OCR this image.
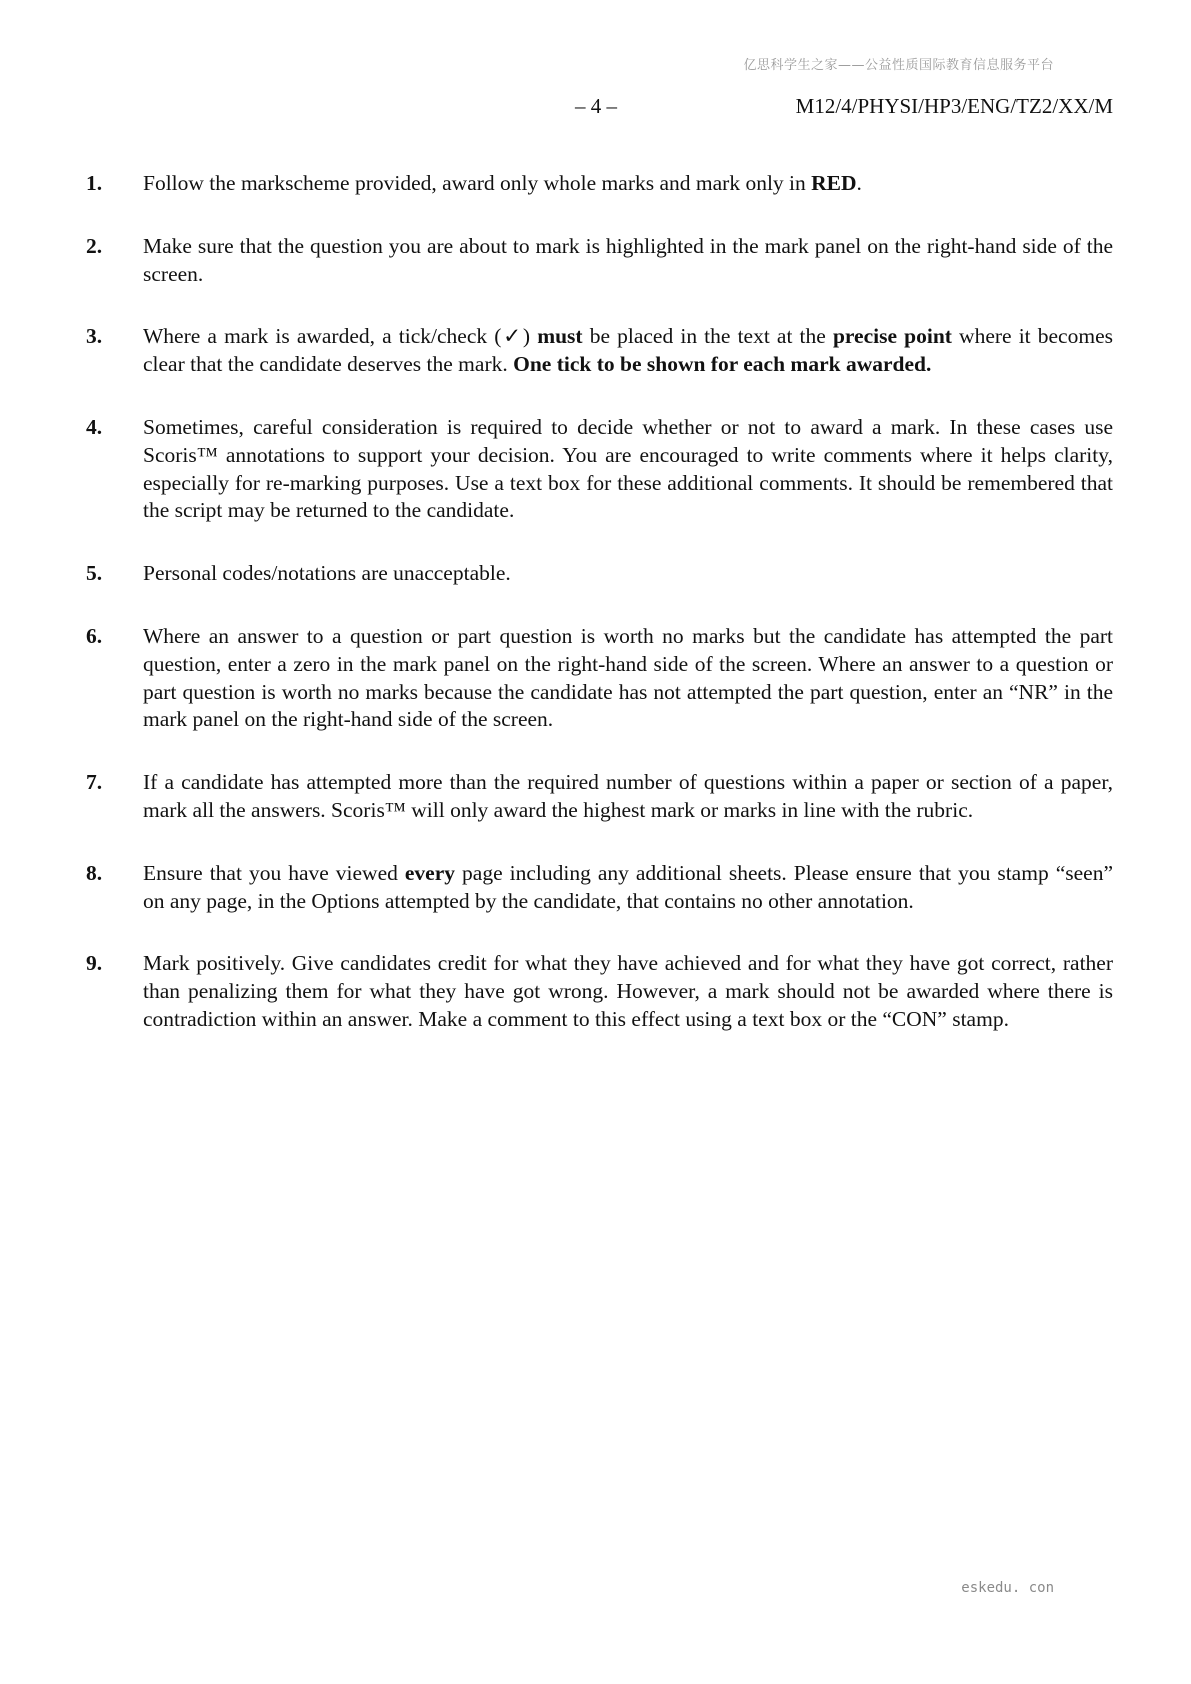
亿思科学生之家——公益性质国际教育信息服务平台
– 4 –	M12/4/PHYSI/HP3/ENG/TZ2/XX/M
1.	Follow the markscheme provided, award only whole marks and mark only in RED.
2.	Make sure that the question you are about to mark is highlighted in the mark panel on the right-hand side of the screen.
3.	Where a mark is awarded, a tick/check (✓) must be placed in the text at the precise point where it becomes clear that the candidate deserves the mark. One tick to be shown for each mark awarded.
4.	Sometimes, careful consideration is required to decide whether or not to award a mark. In these cases use Scoris™ annotations to support your decision. You are encouraged to write comments where it helps clarity, especially for re-marking purposes. Use a text box for these additional comments. It should be remembered that the script may be returned to the candidate.
5.	Personal codes/notations are unacceptable.
6.	Where an answer to a question or part question is worth no marks but the candidate has attempted the part question, enter a zero in the mark panel on the right-hand side of the screen. Where an answer to a question or part question is worth no marks because the candidate has not attempted the part question, enter an “NR” in the mark panel on the right-hand side of the screen.
7.	If a candidate has attempted more than the required number of questions within a paper or section of a paper, mark all the answers. Scoris™ will only award the highest mark or marks in line with the rubric.
8.	Ensure that you have viewed every page including any additional sheets. Please ensure that you stamp “seen” on any page, in the Options attempted by the candidate, that contains no other annotation.
9.	Mark positively. Give candidates credit for what they have achieved and for what they have got correct, rather than penalizing them for what they have got wrong. However, a mark should not be awarded where there is contradiction within an answer. Make a comment to this effect using a text box or the “CON” stamp.
eskedu. con
